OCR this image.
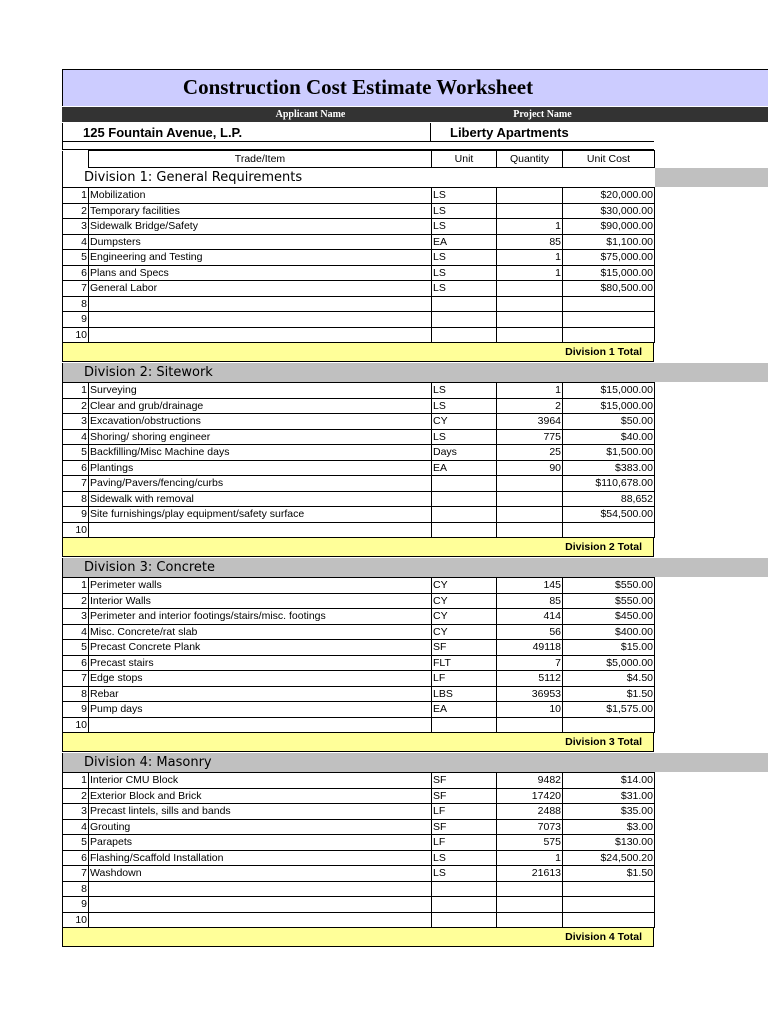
Construction Cost Estimate Worksheet
Applicant Name	Project Name
125 Fountain Avenue, L.P.	Liberty Apartments
	Trade/Item	Unit	Quantity	Unit Cost
Division 1: General Requirements
1	Mobilization	LS		$20,000.00
2	Temporary facilities	LS		$30,000.00
3	Sidewalk Bridge/Safety	LS	1	$90,000.00
4	Dumpsters	EA	85	$1,100.00
5	Engineering and Testing	LS	1	$75,000.00
6	Plans and Specs	LS	1	$15,000.00
7	General Labor	LS		$80,500.00
8				
9				
10				
Division 1 Total
Division 2: Sitework
1	Surveying	LS	1	$15,000.00
2	Clear and grub/drainage	LS	2	$15,000.00
3	Excavation/obstructions	CY	3964	$50.00
4	Shoring/ shoring engineer	LS	775	$40.00
5	Backfilling/Misc Machine days	Days	25	$1,500.00
6	Plantings	EA	90	$383.00
7	Paving/Pavers/fencing/curbs			$110,678.00
8	Sidewalk with removal			88,652
9	Site furnishings/play equipment/safety surface			$54,500.00
10				
Division 2 Total
Division 3: Concrete
1	Perimeter walls	CY	145	$550.00
2	Interior Walls	CY	85	$550.00
3	Perimeter and interior footings/stairs/misc. footings	CY	414	$450.00
4	Misc. Concrete/rat slab	CY	56	$400.00
5	Precast Concrete Plank	SF	49118	$15.00
6	Precast stairs	FLT	7	$5,000.00
7	Edge stops	LF	5112	$4.50
8	Rebar	LBS	36953	$1.50
9	Pump days	EA	10	$1,575.00
10				
Division 3 Total
Division 4: Masonry
1	Interior CMU Block	SF	9482	$14.00
2	Exterior Block and Brick	SF	17420	$31.00
3	Precast lintels, sills and bands	LF	2488	$35.00
4	Grouting	SF	7073	$3.00
5	Parapets	LF	575	$130.00
6	Flashing/Scaffold Installation	LS	1	$24,500.20
7	Washdown	LS	21613	$1.50
8				
9				
10				
Division 4 Total
